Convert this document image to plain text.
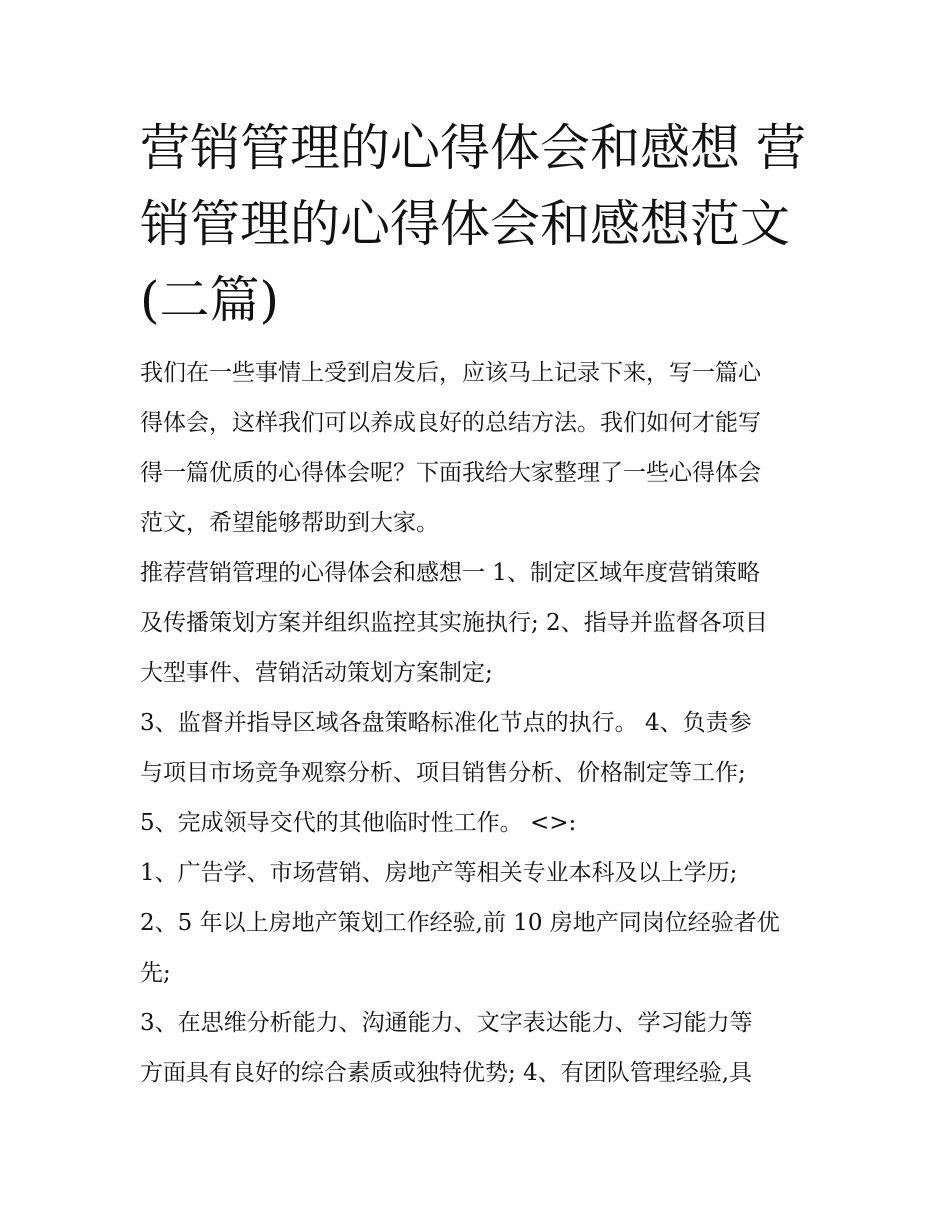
营销管理的心得体会和感想 营
销管理的心得体会和感想范文
(二篇)
我们在一些事情上受到启发后，应该马上记录下来，写一篇心
得体会，这样我们可以养成良好的总结方法。我们如何才能写
得一篇优质的心得体会呢？下面我给大家整理了一些心得体会
范文，希望能够帮助到大家。
推荐营销管理的心得体会和感想一 1、制定区域年度营销策略
及传播策划方案并组织监控其实施执行; 2、指导并监督各项目
大型事件、营销活动策划方案制定;
3、监督并指导区域各盘策略标准化节点的执行。 4、负责参
与项目市场竞争观察分析、项目销售分析、价格制定等工作;
5、完成领导交代的其他临时性工作。 <>:
1、广告学、市场营销、房地产等相关专业本科及以上学历;
2、5 年以上房地产策划工作经验,前 10 房地产同岗位经验者优
先;
3、在思维分析能力、沟通能力、文字表达能力、学习能力等
方面具有良好的综合素质或独特优势; 4、有团队管理经验,具
